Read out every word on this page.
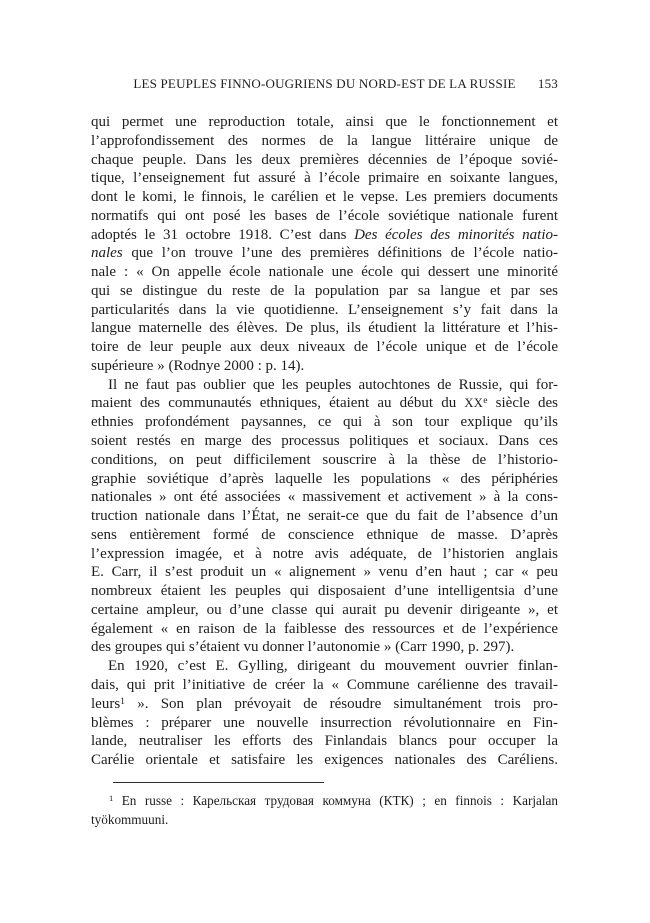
LES PEUPLES FINNO-OUGRIENS DU NORD-EST DE LA RUSSIE	153
qui permet une reproduction totale, ainsi que le fonctionnement et
l’approfondissement des normes de la langue littéraire unique de
chaque peuple. Dans les deux premières décennies de l’époque sovié-
tique, l’enseignement fut assuré à l’école primaire en soixante langues,
dont le komi, le finnois, le carélien et le vepse. Les premiers documents
normatifs qui ont posé les bases de l’école soviétique nationale furent
adoptés le 31 octobre 1918. C’est dans Des écoles des minorités natio-
nales que l’on trouve l’une des premières définitions de l’école natio-
nale : « On appelle école nationale une école qui dessert une minorité
qui se distingue du reste de la population par sa langue et par ses
particularités dans la vie quotidienne. L’enseignement s’y fait dans la
langue maternelle des élèves. De plus, ils étudient la littérature et l’his-
toire de leur peuple aux deux niveaux de l’école unique et de l’école
supérieure » (Rodnye 2000 : p. 14).
Il ne faut pas oublier que les peuples autochtones de Russie, qui for-
maient des communautés ethniques, étaient au début du XXe siècle des
ethnies profondément paysannes, ce qui à son tour explique qu’ils
soient restés en marge des processus politiques et sociaux. Dans ces
conditions, on peut difficilement souscrire à la thèse de l’historio-
graphie soviétique d’après laquelle les populations « des périphéries
nationales » ont été associées « massivement et activement » à la cons-
truction nationale dans l’État, ne serait-ce que du fait de l’absence d’un
sens entièrement formé de conscience ethnique de masse. D’après
l’expression imagée, et à notre avis adéquate, de l’historien anglais
E. Carr, il s’est produit un « alignement » venu d’en haut ; car « peu
nombreux étaient les peuples qui disposaient d’une intelligentsia d’une
certaine ampleur, ou d’une classe qui aurait pu devenir dirigeante », et
également « en raison de la faiblesse des ressources et de l’expérience
des groupes qui s’étaient vu donner l’autonomie » (Carr 1990, p. 297).
En 1920, c’est E. Gylling, dirigeant du mouvement ouvrier finlan-
dais, qui prit l’initiative de créer la « Commune carélienne des travail-
leurs$^1$ ». Son plan prévoyait de résoudre simultanément trois pro-
blèmes : préparer une nouvelle insurrection révolutionnaire en Fin-
lande, neutraliser les efforts des Finlandais blancs pour occuper la
Carélie orientale et satisfaire les exigences nationales des Caréliens.
$^1$ En russe : Карельская трудовая коммуна (КТК) ; en finnois : Karjalan
työkommuuni.
